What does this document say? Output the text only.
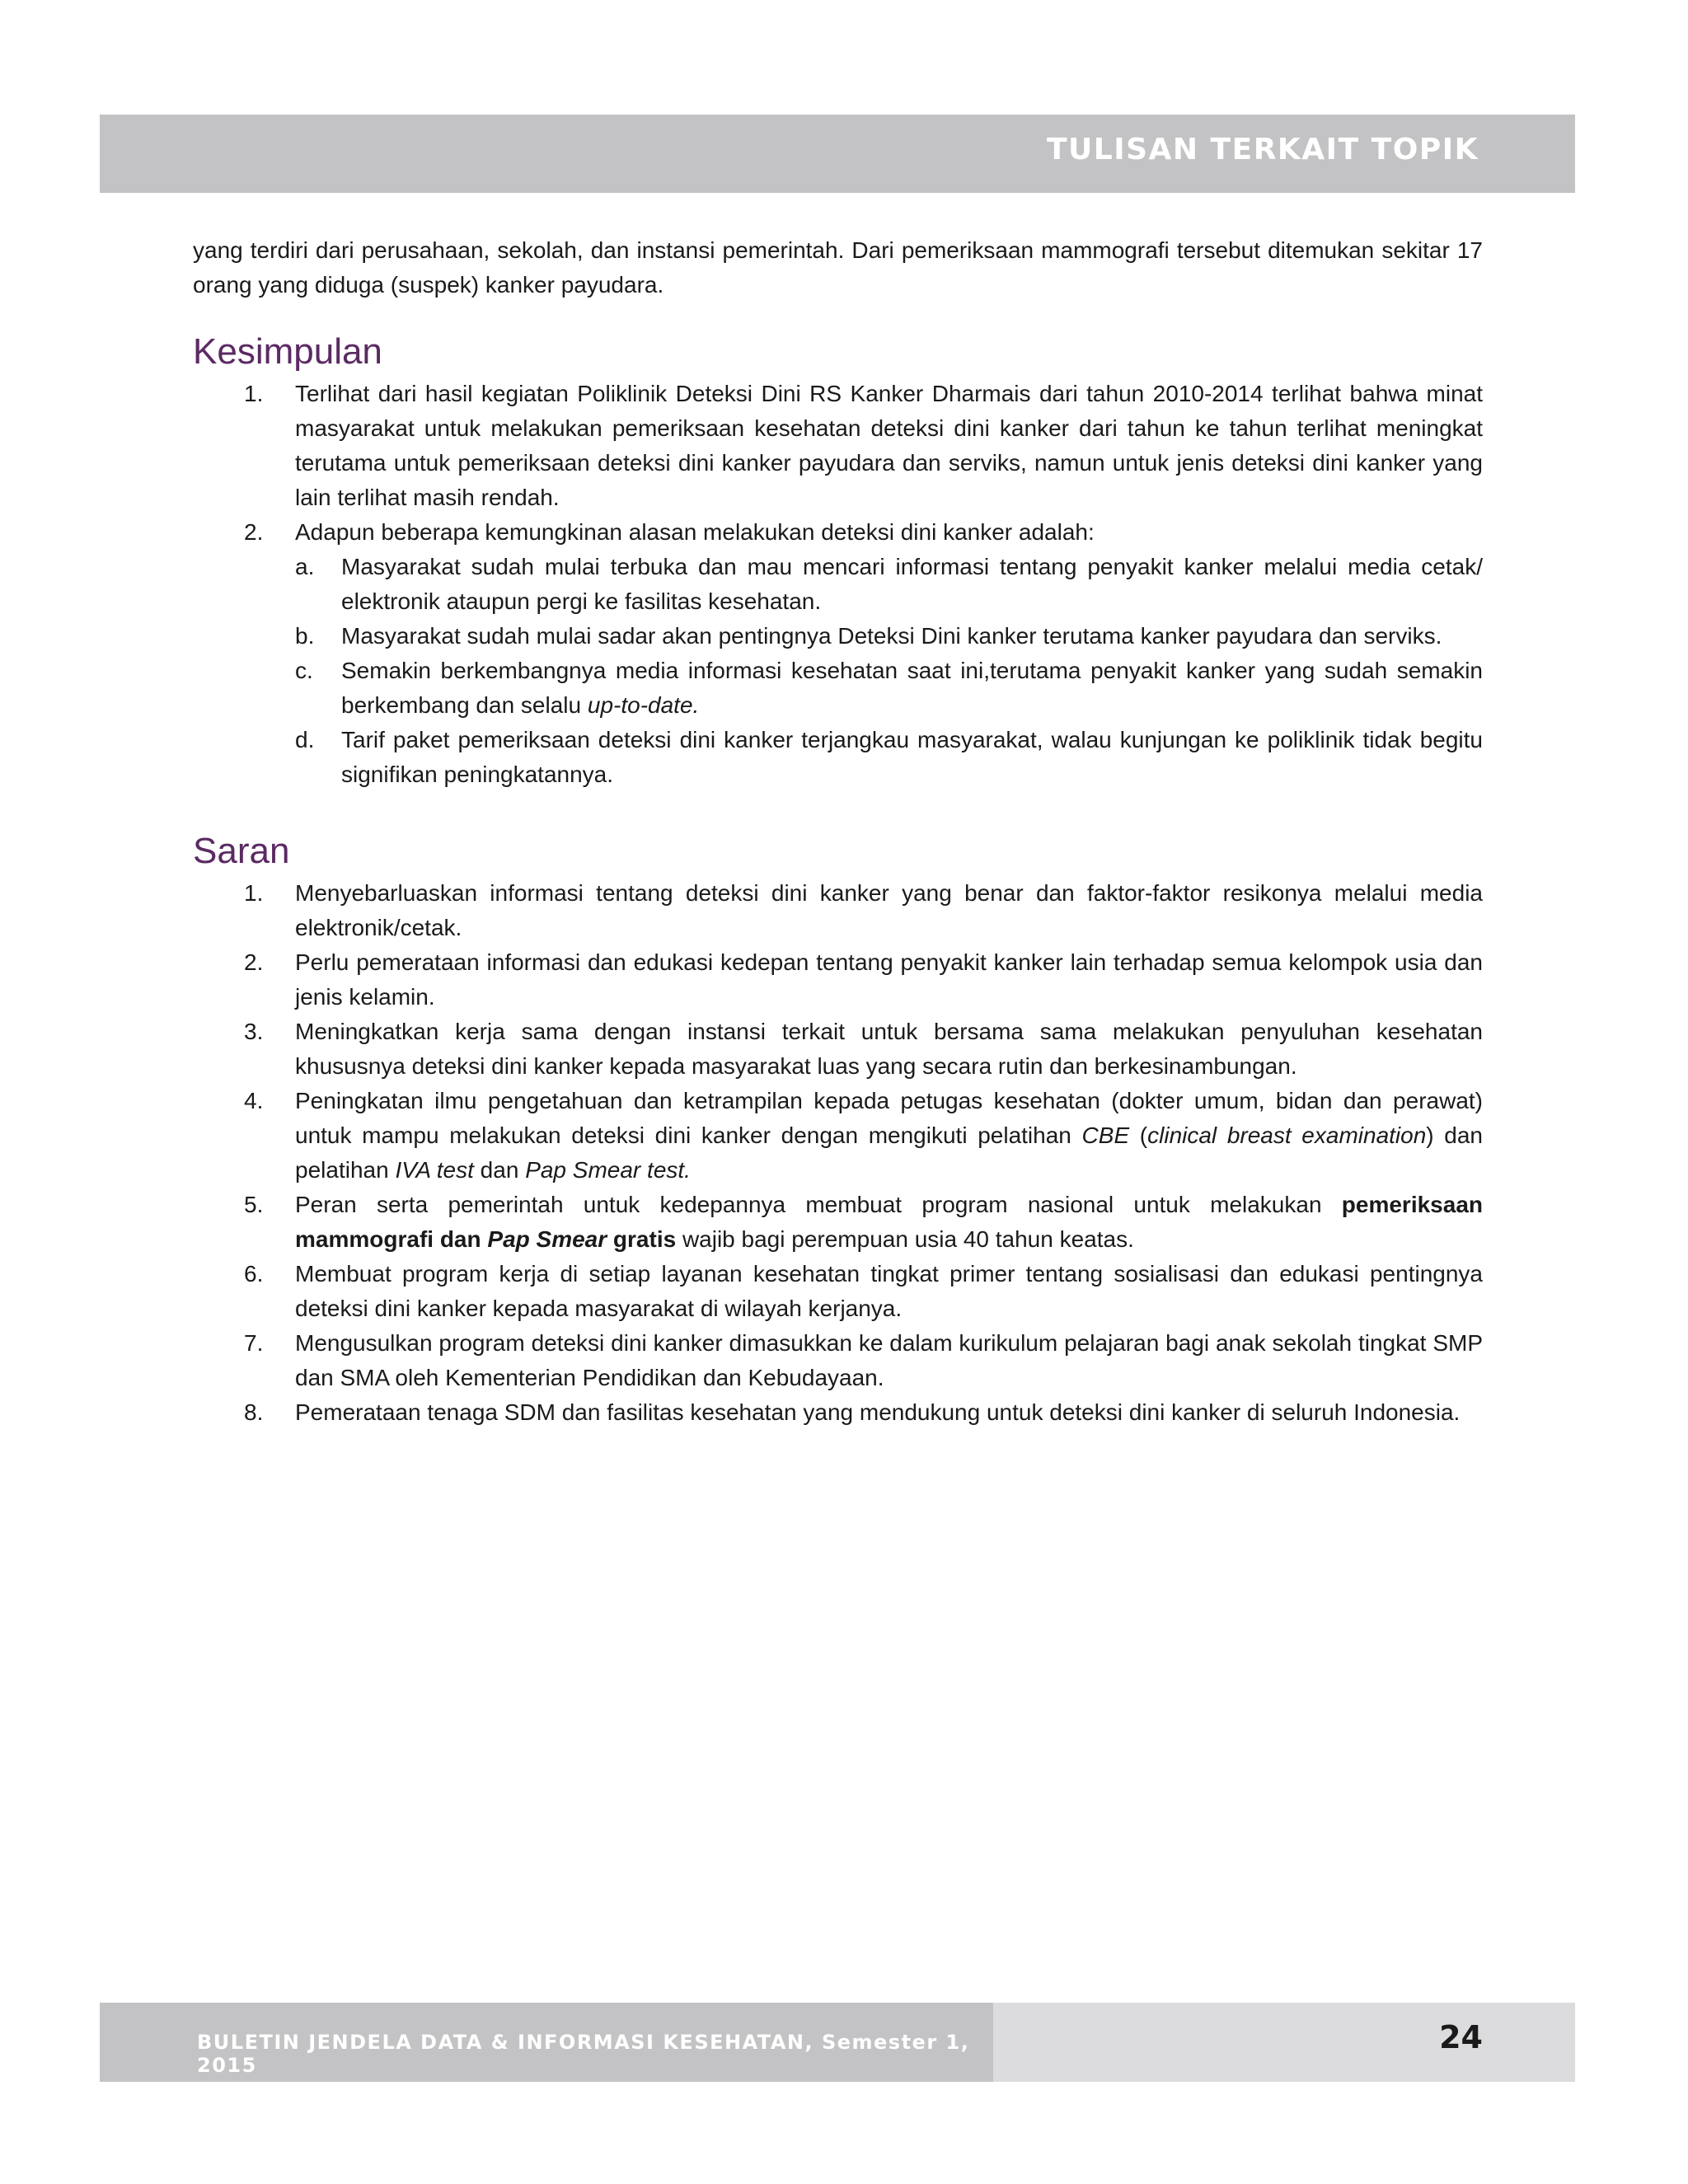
TULISAN TERKAIT TOPIK

yang terdiri dari perusahaan, sekolah, dan instansi pemerintah. Dari pemeriksaan mammografi tersebut ditemukan sekitar 17 orang yang diduga (suspek) kanker payudara.

Kesimpulan
1. Terlihat dari hasil kegiatan Poliklinik Deteksi Dini RS Kanker Dharmais dari tahun 2010-2014 terlihat bahwa minat masyarakat untuk melakukan pemeriksaan kesehatan deteksi dini kanker dari tahun ke tahun terlihat meningkat terutama untuk pemeriksaan deteksi dini kanker payudara dan serviks, namun untuk jenis deteksi dini kanker yang lain terlihat masih rendah.
2. Adapun beberapa kemungkinan alasan melakukan deteksi dini kanker adalah:
a. Masyarakat sudah mulai terbuka dan mau mencari informasi tentang penyakit kanker melalui media cetak/ elektronik ataupun pergi ke fasilitas kesehatan.
b. Masyarakat sudah mulai sadar akan pentingnya Deteksi Dini kanker terutama kanker payudara dan serviks.
c. Semakin berkembangnya media informasi kesehatan saat ini,terutama penyakit kanker yang sudah semakin berkembang dan selalu up-to-date.
d. Tarif paket pemeriksaan deteksi dini kanker terjangkau masyarakat, walau kunjungan ke poliklinik tidak begitu signifikan peningkatannya.
Saran
1. Menyebarluaskan informasi tentang deteksi dini kanker yang benar dan faktor-faktor resikonya melalui media elektronik/cetak.
2. Perlu pemerataan informasi dan edukasi kedepan tentang penyakit kanker lain terhadap semua kelompok usia dan jenis kelamin.
3. Meningkatkan kerja sama dengan instansi terkait untuk bersama sama melakukan penyuluhan kesehatan khususnya deteksi dini kanker kepada masyarakat luas yang secara rutin dan berkesinambungan.
4. Peningkatan ilmu pengetahuan dan ketrampilan kepada petugas kesehatan (dokter umum, bidan dan perawat) untuk mampu melakukan deteksi dini kanker dengan mengikuti pelatihan CBE (clinical breast examination) dan pelatihan IVA test dan Pap Smear test.
5. Peran serta pemerintah untuk kedepannya membuat program nasional untuk melakukan pemeriksaan mammografi dan Pap Smear gratis wajib bagi perempuan usia 40 tahun keatas.
6. Membuat program kerja di setiap layanan kesehatan tingkat primer tentang sosialisasi dan edukasi pentingnya deteksi dini kanker kepada masyarakat di wilayah kerjanya.
7. Mengusulkan program deteksi dini kanker dimasukkan ke dalam kurikulum pelajaran bagi anak sekolah tingkat SMP dan SMA oleh Kementerian Pendidikan dan Kebudayaan.
8. Pemerataan tenaga SDM dan fasilitas kesehatan yang mendukung untuk deteksi dini kanker di seluruh Indonesia.
BULETIN JENDELA DATA & INFORMASI KESEHATAN, Semester 1, 2015
24
